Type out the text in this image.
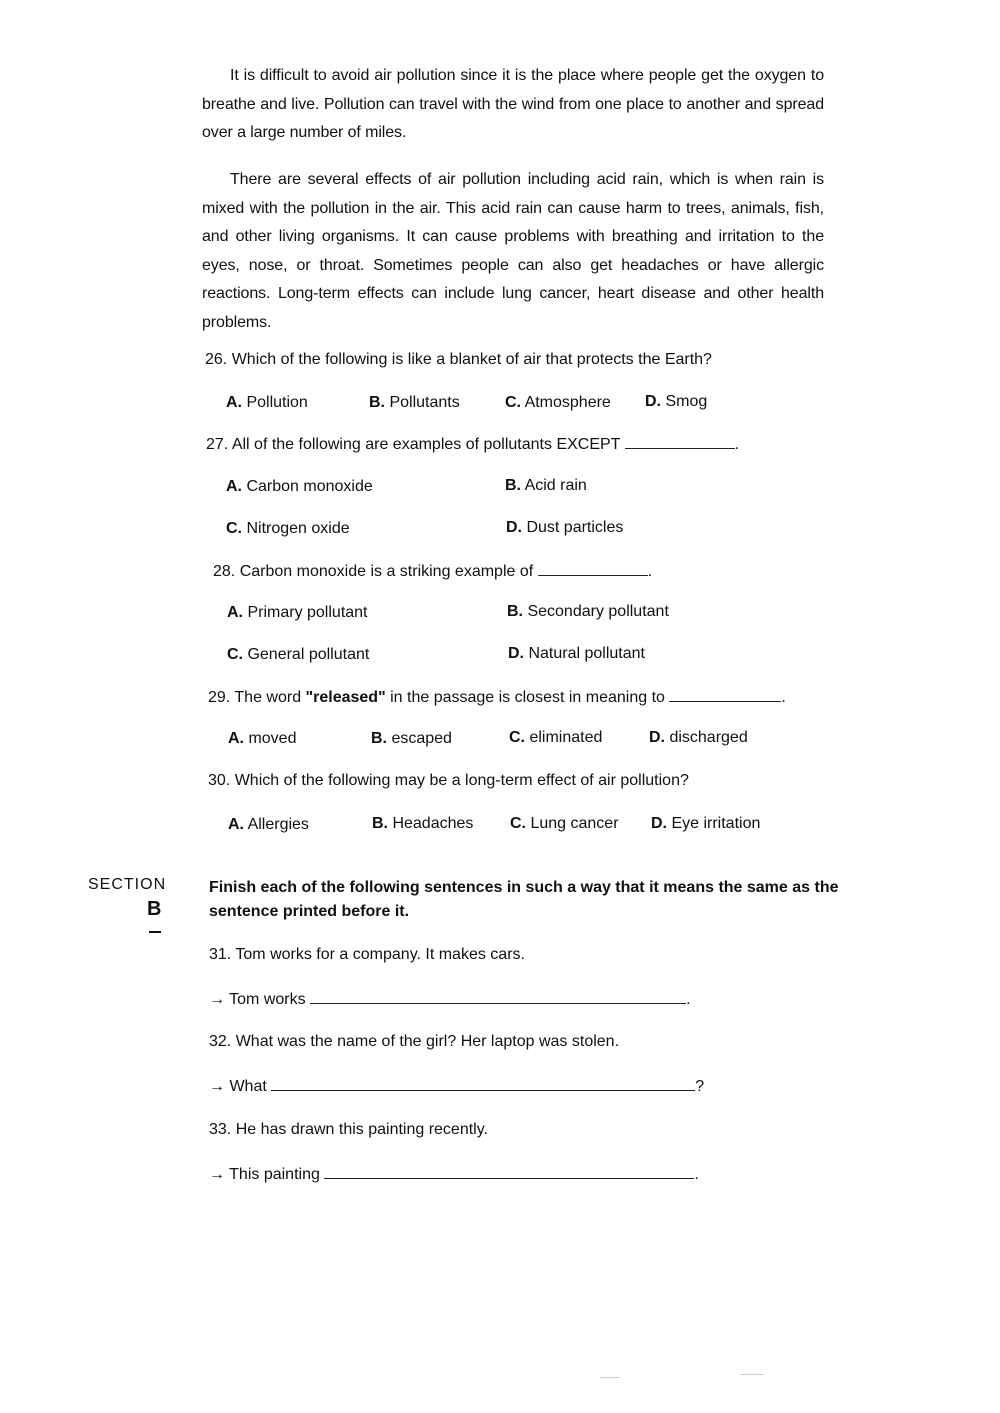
It is difficult to avoid air pollution since it is the place where people get the oxygen to breathe and live. Pollution can travel with the wind from one place to another and spread over a large number of miles.

There are several effects of air pollution including acid rain, which is when rain is mixed with the pollution in the air. This acid rain can cause harm to trees, animals, fish, and other living organisms. It can cause problems with breathing and irritation to the eyes, nose, or throat. Sometimes people can also get headaches or have allergic reactions. Long-term effects can include lung cancer, heart disease and other health problems.

26. Which of the following is like a blanket of air that protects the Earth?
A. Pollution	B. Pollutants	C. Atmosphere D. Smog
27. All of the following are examples of pollutants EXCEPT	.
A. Carbon monoxide	B. Acid rain
C. Nitrogen oxide	D. Dust particles
28. Carbon monoxide is a striking example of	.
A. Primary pollutant	B. Secondary pollutant
C. General pollutant	D. Natural pollutant
29. The word "released" in the passage is closest in meaning to	.
A. moved	B. escaped	C. eliminated	D. discharged
30. Which of the following may be a long-term effect of air pollution?
A. Allergies	B. Headaches C. Lung cancer D. Eye irritation
SECTION
B
Finish each of the following sentences in such a way that it means the same as the sentence printed before it.
31. Tom works for a company. It makes cars.
→ Tom works	.
32. What was the name of the girl? Her laptop was stolen.
→ What	?
33. He has drawn this painting recently.
→ This painting	.
